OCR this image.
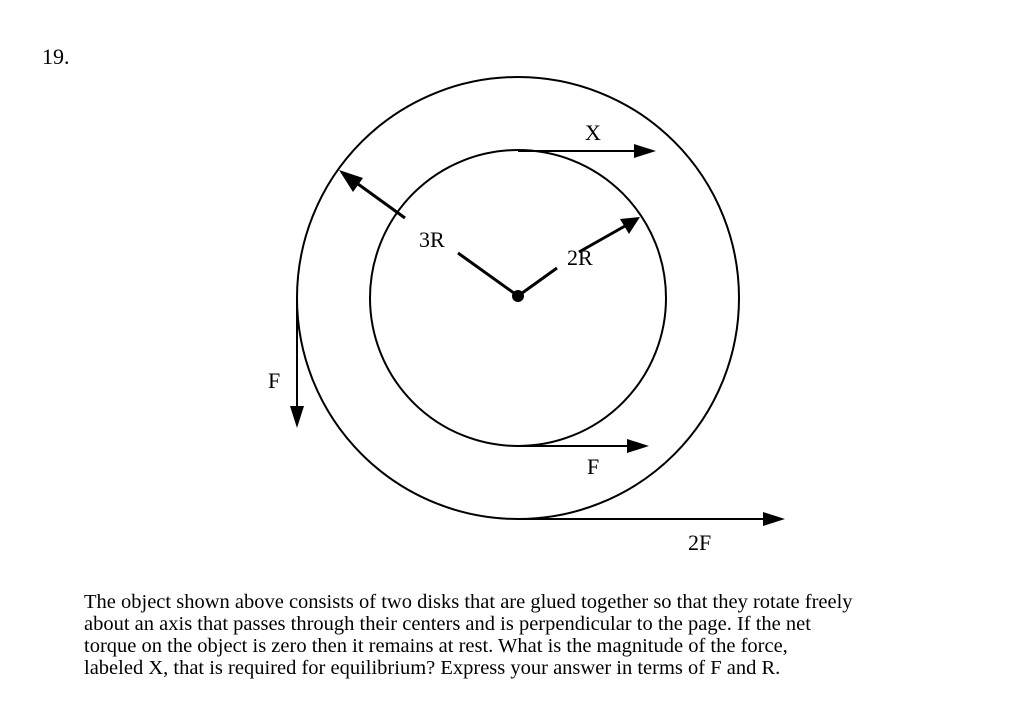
19.
3R
2R
X
F
F
2F
The object shown above consists of two disks that are glued together so that they rotate freely
about an axis that passes through their centers and is perpendicular to the page. If the net
torque on the object is zero then it remains at rest. What is the magnitude of the force,
labeled X, that is required for equilibrium? Express your answer in terms of F and R.
